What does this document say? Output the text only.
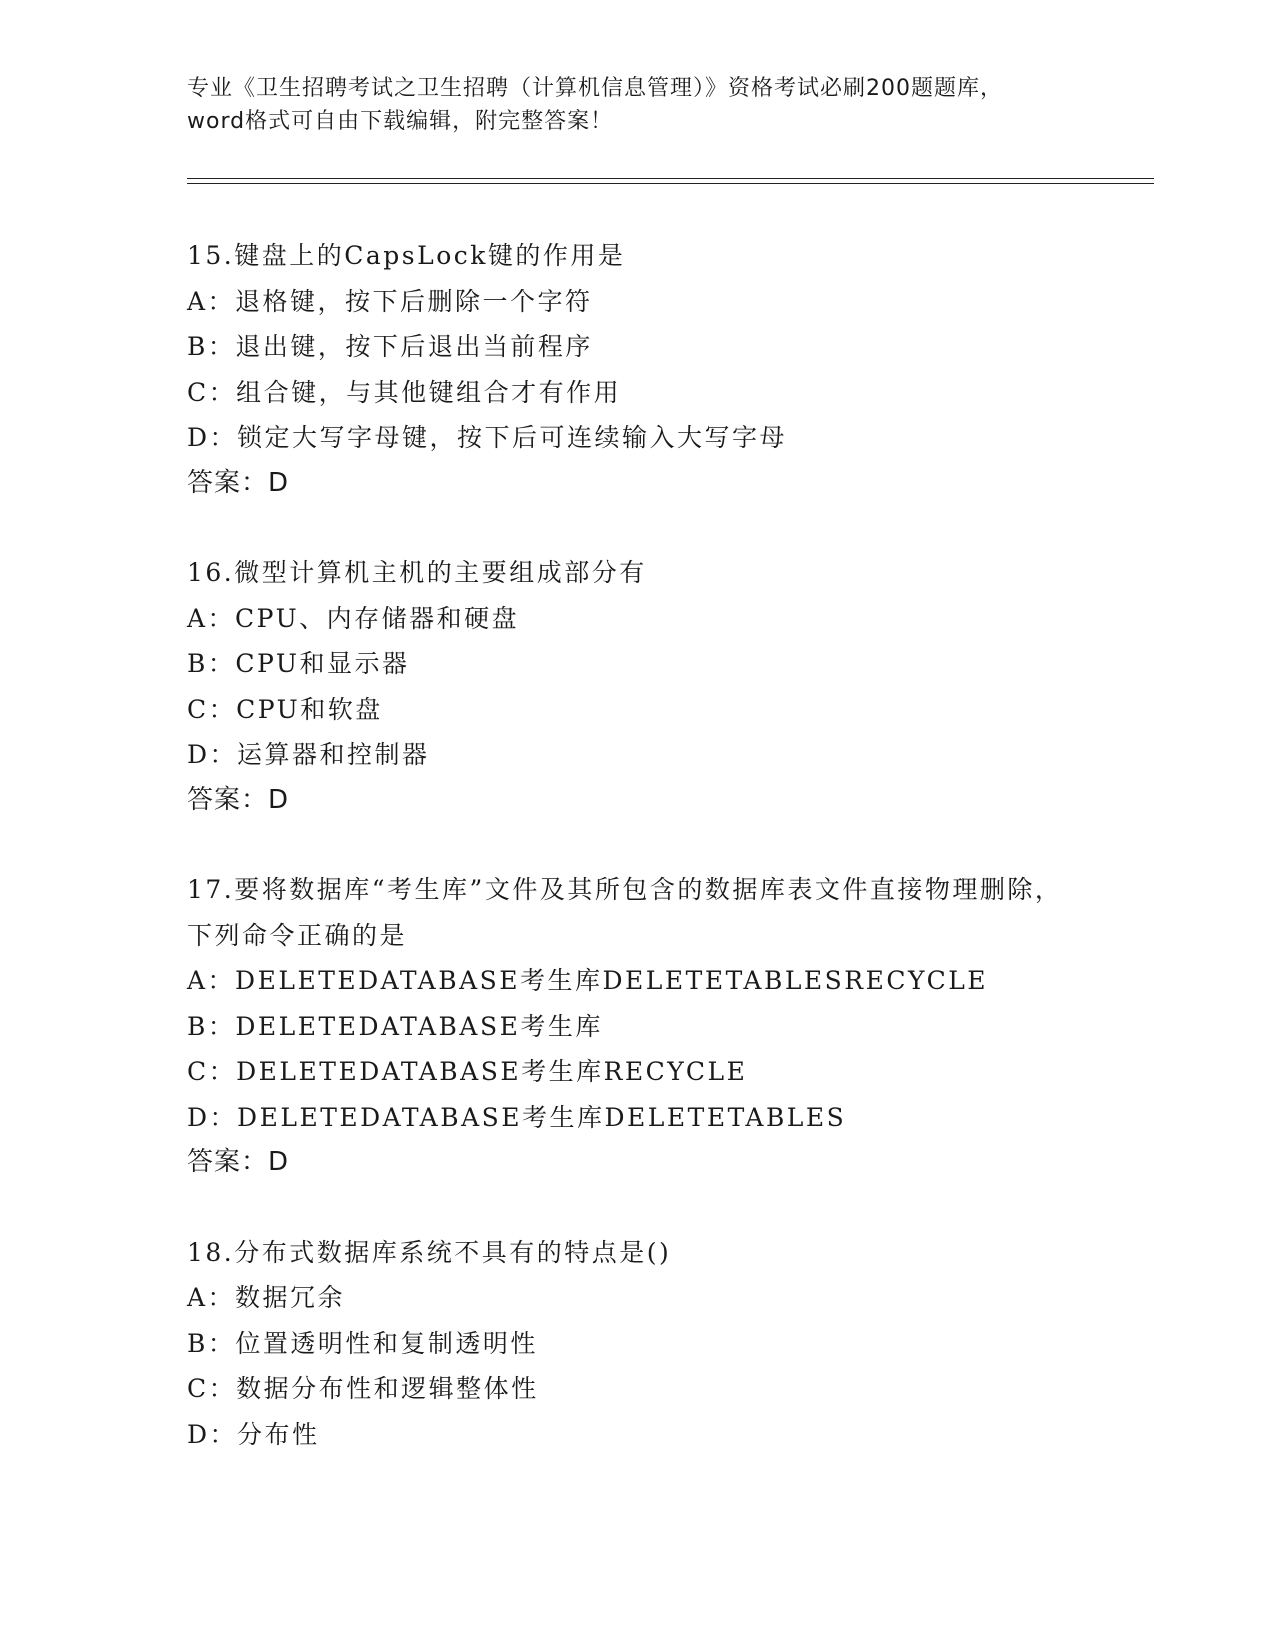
专业《卫生招聘考试之卫生招聘（计算机信息管理）》资格考试必刷200题题库，
word格式可自由下载编辑，附完整答案！
15.键盘上的CapsLock键的作用是
A：退格键，按下后删除一个字符
B：退出键，按下后退出当前程序
C：组合键，与其他键组合才有作用
D：锁定大写字母键，按下后可连续输入大写字母
答案：D
16.微型计算机主机的主要组成部分有
A：CPU、内存储器和硬盘
B：CPU和显示器
C：CPU和软盘
D：运算器和控制器
答案：D
17.要将数据库“考生库”文件及其所包含的数据库表文件直接物理删除，下列命令正确的是
A：DELETEDATABASE考生库DELETETABLESRECYCLE
B：DELETEDATABASE考生库
C：DELETEDATABASE考生库RECYCLE
D：DELETEDATABASE考生库DELETETABLES
答案：D
18.分布式数据库系统不具有的特点是()
A：数据冗余
B：位置透明性和复制透明性
C：数据分布性和逻辑整体性
D：分布性
